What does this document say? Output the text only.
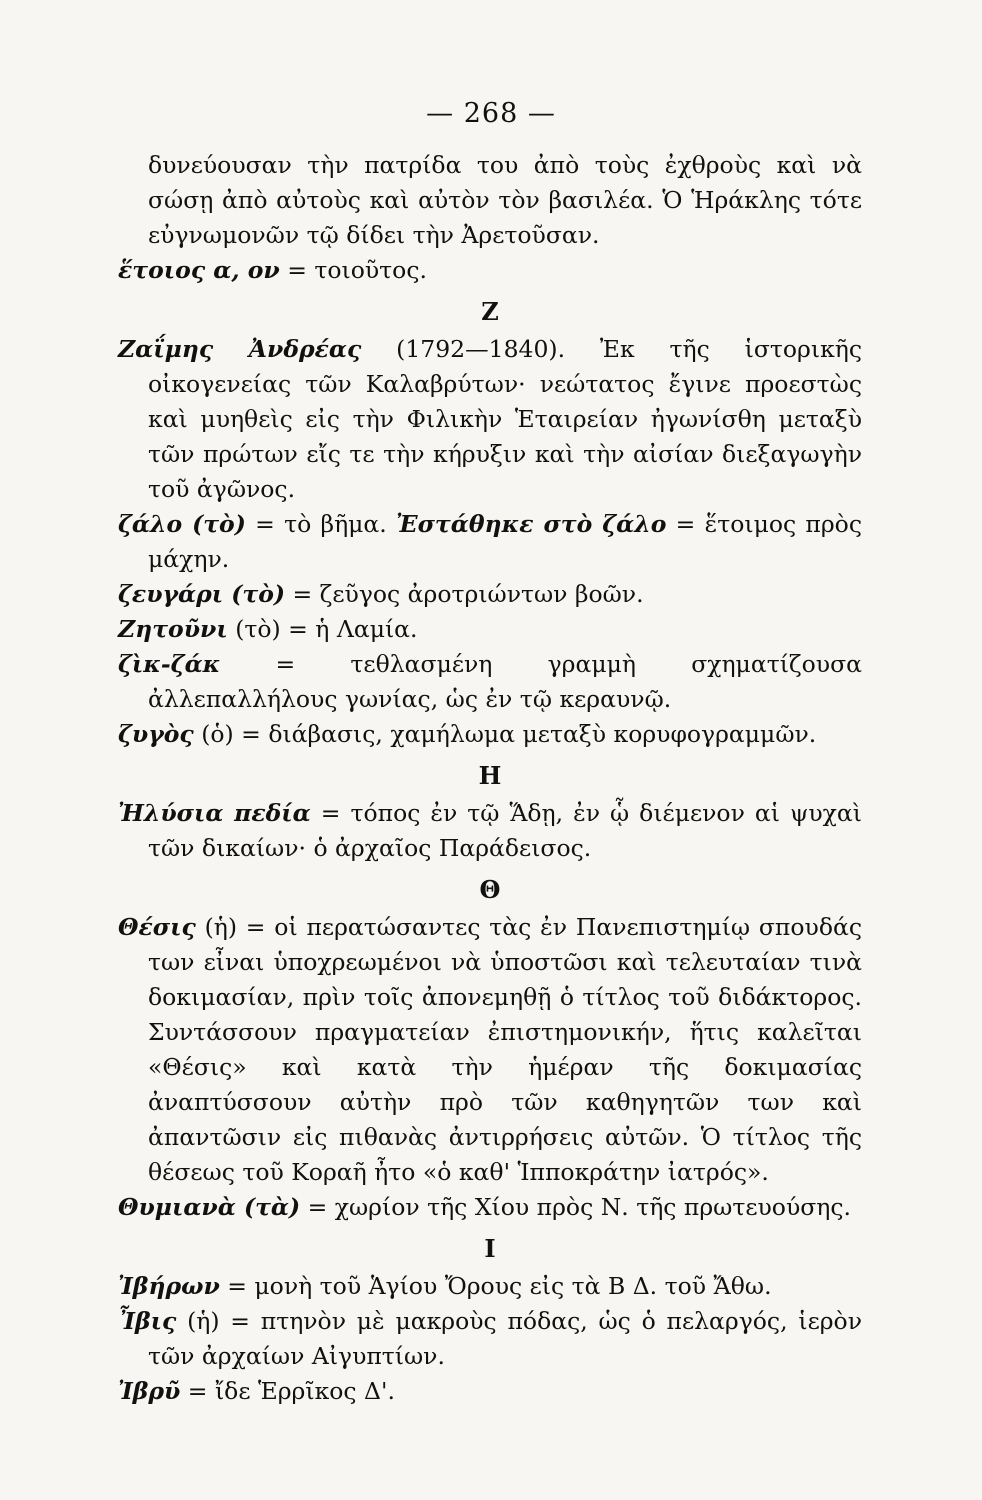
— 268 —

δυνεύουσαν τὴν πατρίδα του ἀπὸ τοὺς ἐχθροὺς καὶ νὰ σώσῃ ἀπὸ αὐτοὺς καὶ αὐτὸν τὸν βασιλέα. Ὁ Ἡράκλης τότε εὐγνωμονῶν τῷ δίδει τὴν Ἀρετοῦσαν.

ἕτοιος α, ον = τοιοῦτος.

Ζ

Ζαΐμης Ἀνδρέας (1792—1840). Ἐκ τῆς ἱστορικῆς οἰκογενείας τῶν Καλαβρύτων· νεώτατος ἔγινε προεστὼς καὶ μυηθεὶς εἰς τὴν Φιλικὴν Ἑταιρείαν ἠγωνίσθη μεταξὺ τῶν πρώτων εἴς τε τὴν κήρυξιν καὶ τὴν αἰσίαν διεξαγωγὴν τοῦ ἀγῶνος.

ζάλο (τὸ) = τὸ βῆμα. Ἐστάθηκε στὸ ζάλο = ἕτοιμος πρὸς μάχην.

ζευγάρι (τὸ) = ζεῦγος ἀροτριώντων βοῶν.

Ζητοῦνι (τὸ) = ἡ Λαμία.

ζὶκ-ζάκ = τεθλασμένη γραμμὴ σχηματίζουσα ἀλλεπαλλήλους γωνίας, ὡς ἐν τῷ κεραυνῷ.

ζυγὸς (ὁ) = διάβασις, χαμήλωμα μεταξὺ κορυφογραμμῶν.

Η

Ἠλύσια πεδία = τόπος ἐν τῷ Ἅδῃ, ἐν ᾧ διέμενον αἱ ψυχαὶ τῶν δικαίων· ὁ ἀρχαῖος Παράδεισος.

Θ

Θέσις (ἡ) = οἱ περατώσαντες τὰς ἐν Πανεπιστημίῳ σπουδάς των εἶναι ὑποχρεωμένοι νὰ ὑποστῶσι καὶ τελευταίαν τινὰ δοκιμασίαν, πρὶν τοῖς ἀπονεμηθῇ ὁ τίτλος τοῦ διδάκτορος. Συντάσσουν πραγματείαν ἐπιστημονικήν, ἥτις καλεῖται «Θέσις» καὶ κατὰ τὴν ἡμέραν τῆς δοκιμασίας ἀναπτύσσουν αὐτὴν πρὸ τῶν καθηγητῶν των καὶ ἀπαντῶσιν εἰς πιθανὰς ἀντιρρήσεις αὐτῶν. Ὁ τίτλος τῆς θέσεως τοῦ Κοραῆ ἦτο «ὁ καθ' Ἱπποκράτην ἰατρός».

Θυμιανὰ (τὰ) = χωρίον τῆς Χίου πρὸς Ν. τῆς πρωτευούσης.

Ι

Ἰβήρων = μονὴ τοῦ Ἁγίου Ὄρους εἰς τὰ Β Δ. τοῦ Ἄθω.

Ἶβις (ἡ) = πτηνὸν μὲ μακροὺς πόδας, ὡς ὁ πελαργός, ἱερὸν τῶν ἀρχαίων Αἰγυπτίων.

Ἰβρῦ = ἴδε Ἑρρῖκος Δ'.
